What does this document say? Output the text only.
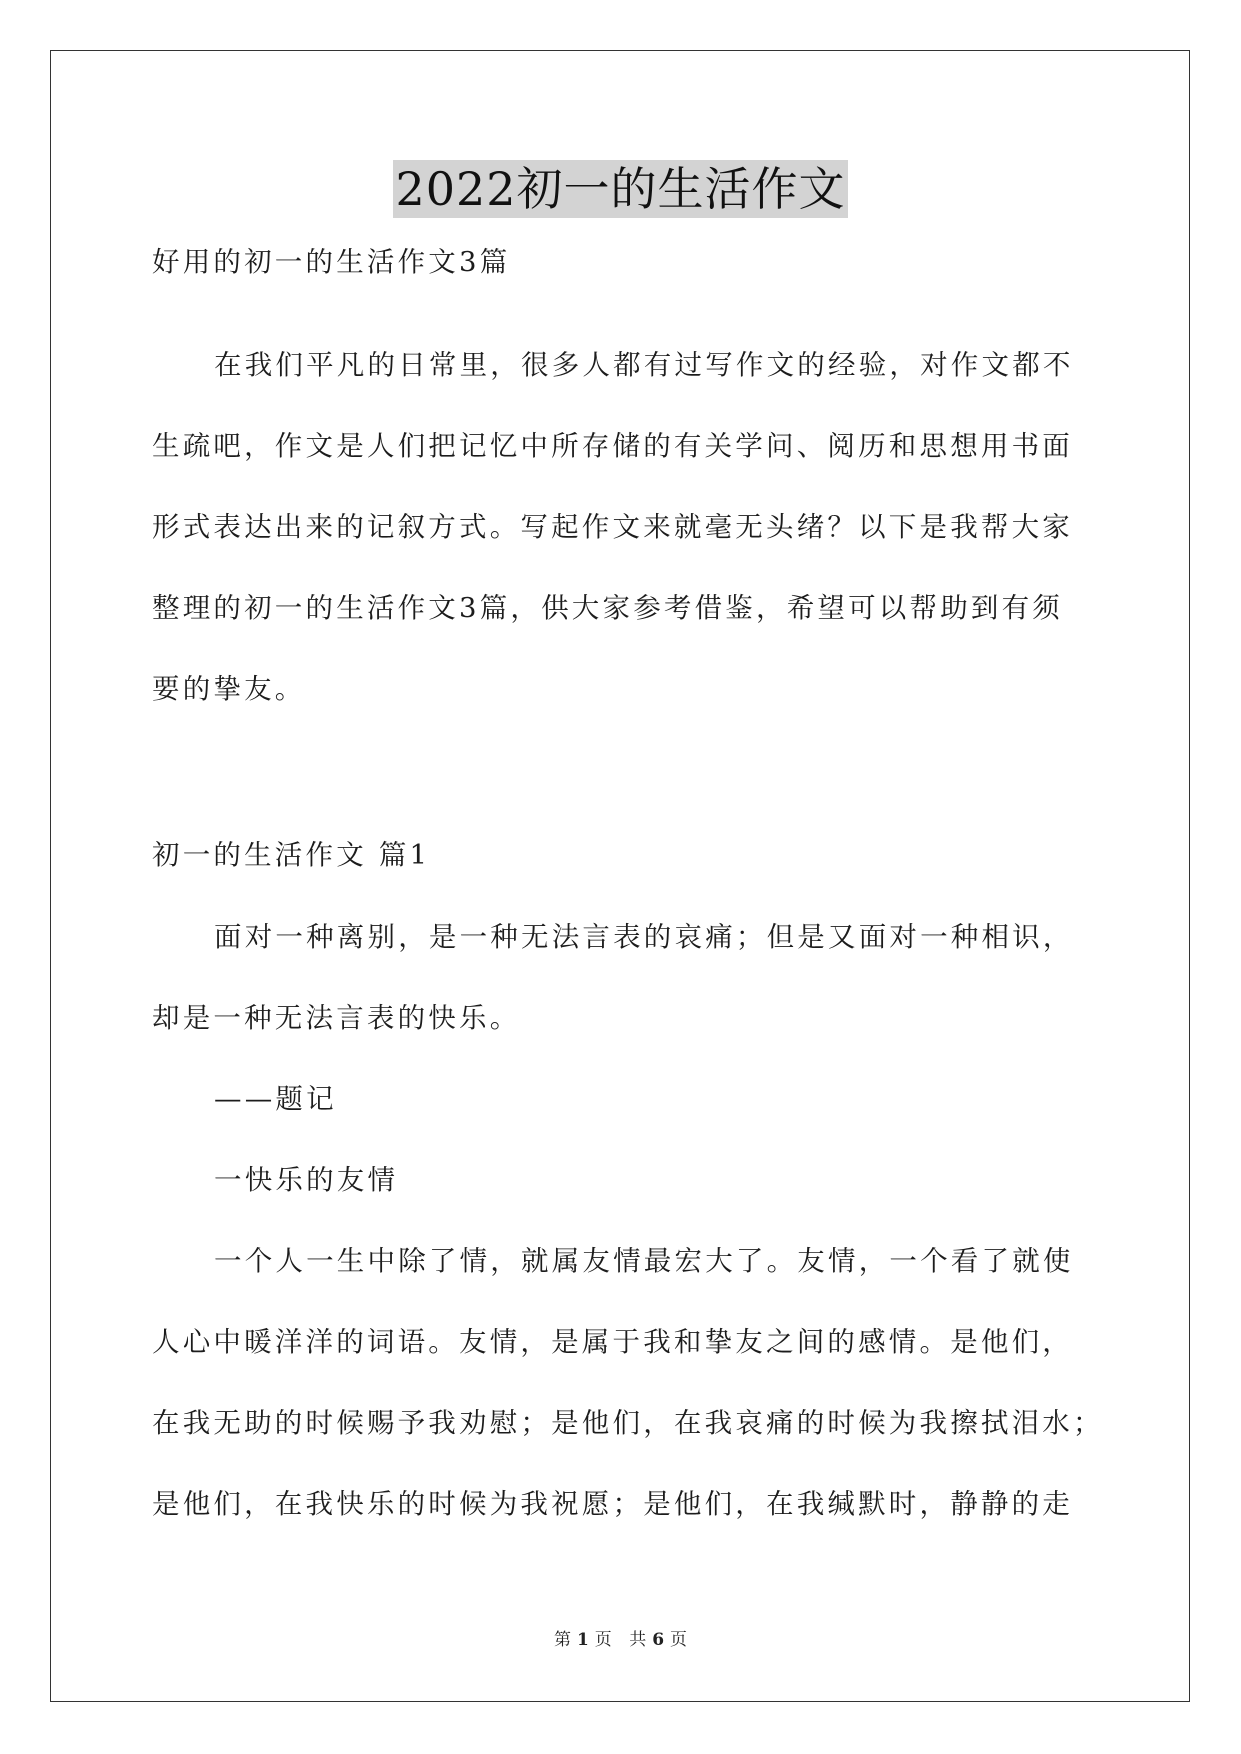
2022初一的生活作文
好用的初一的生活作文3篇
在我们平凡的日常里，很多人都有过写作文的经验，对作文都不
生疏吧，作文是人们把记忆中所存储的有关学问、阅历和思想用书面
形式表达出来的记叙方式。写起作文来就毫无头绪？以下是我帮大家
整理的初一的生活作文3篇，供大家参考借鉴，希望可以帮助到有须
要的挚友。
初一的生活作文 篇1
面对一种离别，是一种无法言表的哀痛；但是又面对一种相识，
却是一种无法言表的快乐。
——题记
一快乐的友情
一个人一生中除了情，就属友情最宏大了。友情，一个看了就使
人心中暖洋洋的词语。友情，是属于我和挚友之间的感情。是他们，
在我无助的时候赐予我劝慰；是他们，在我哀痛的时候为我擦拭泪水；
是他们，在我快乐的时候为我祝愿；是他们，在我缄默时，静静的走
第 1 页 共 6 页
